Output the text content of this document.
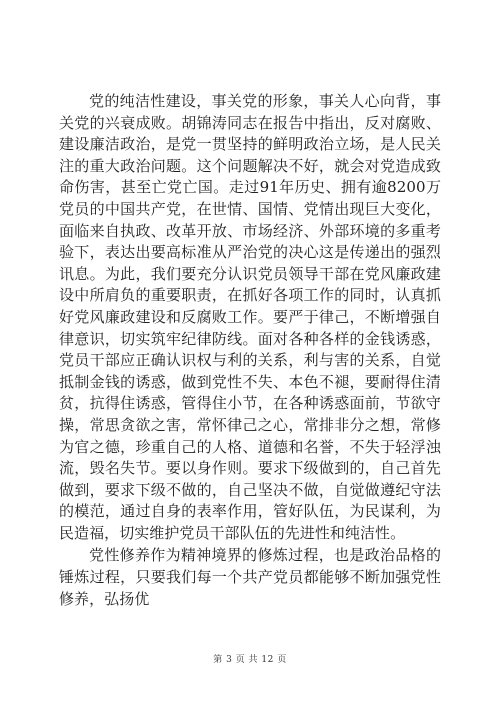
党的纯洁性建设，事关党的形象，事关人心向背，事关党的兴衰成败。胡锦涛同志在报告中指出，反对腐败、建设廉洁政治，是党一贯坚持的鲜明政治立场，是人民关注的重大政治问题。这个问题解决不好，就会对党造成致命伤害，甚至亡党亡国。走过91年历史、拥有逾8200万党员的中国共产党，在世情、国情、党情出现巨大变化，面临来自执政、改革开放、市场经济、外部环境的多重考验下，表达出要高标准从严治党的决心这是传递出的强烈讯息。为此，我们要充分认识党员领导干部在党风廉政建设中所肩负的重要职责，在抓好各项工作的同时，认真抓好党风廉政建设和反腐败工作。要严于律己，不断增强自律意识，切实筑牢纪律防线。面对各种各样的金钱诱惑，党员干部应正确认识权与利的关系，利与害的关系，自觉抵制金钱的诱惑，做到党性不失、本色不褪，要耐得住清贫，抗得住诱惑，管得住小节，在各种诱惑面前，节欲守操，常思贪欲之害，常怀律己之心，常排非分之想，常修为官之德，珍重自己的人格、道德和名誉，不失于轻浮浊流，毁名失节。要以身作则。要求下级做到的，自己首先做到，要求下级不做的，自己坚决不做，自觉做遵纪守法的模范，通过自身的表率作用，管好队伍，为民谋利，为民造福，切实维护党员干部队伍的先进性和纯洁性。

党性修养作为精神境界的修炼过程，也是政治品格的锤炼过程，只要我们每一个共产党员都能够不断加强党性修养，弘扬优

第 3 页 共 12 页
